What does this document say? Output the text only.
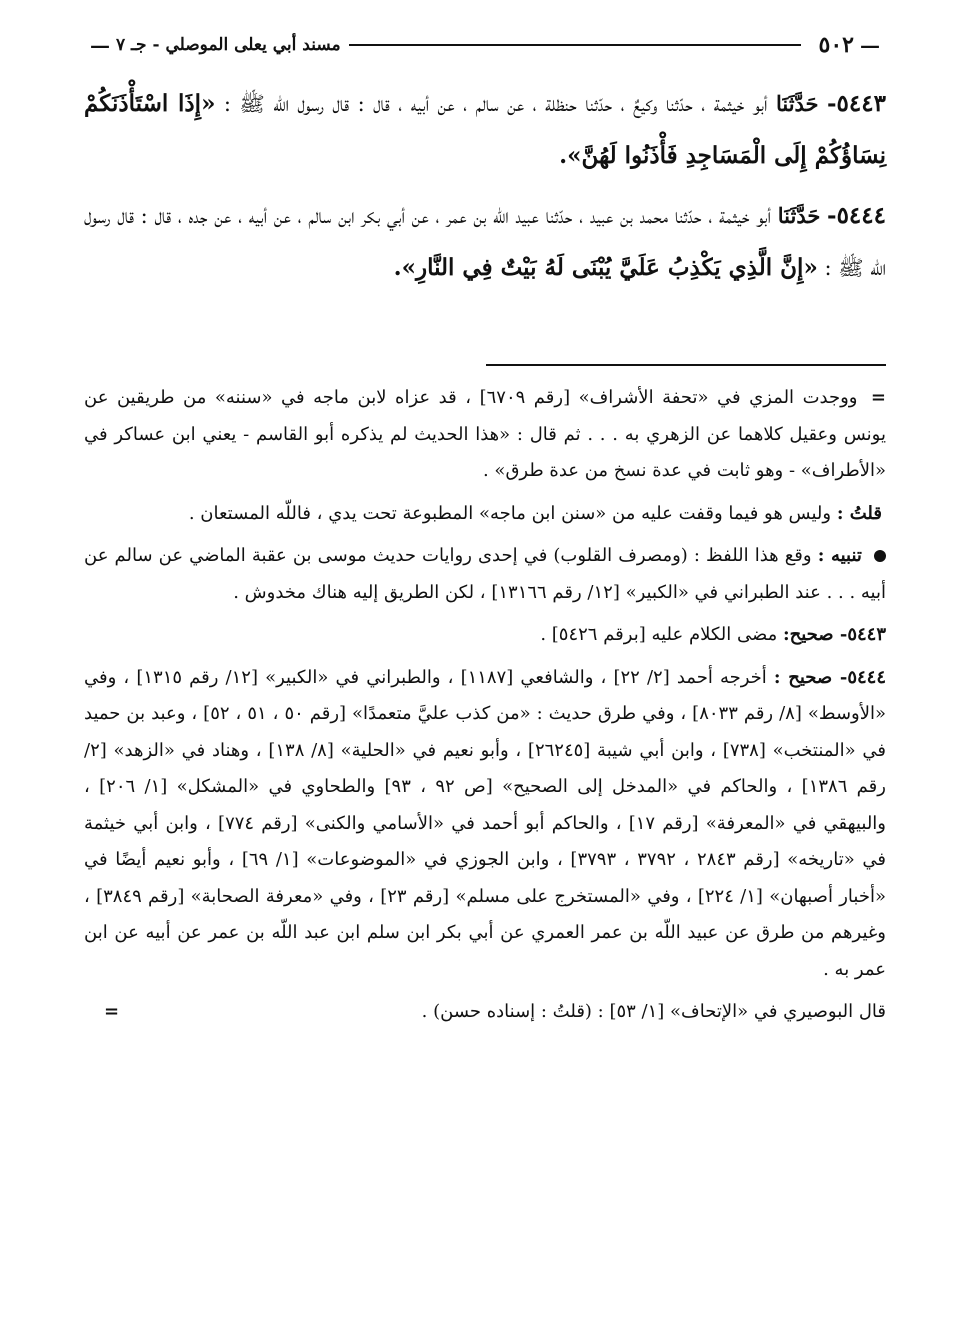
—
٥٠٢
مسند أبي يعلى الموصلي - جـ ٧
—

٥٤٤٣- حَدَّثَنَا أبو خيثمة ، حدّثنا وكيعٌ ، حدّثنا حنظلة ، عن سالم ، عن أبيه ، قال : قال رسول اللّه ﷺ : «إِذَا اسْتَأْذَنَكُمْ نِسَاؤُكُمْ إِلَى الْمَسَاجِدِ فَأْذَنُوا لَهُنَّ».

٥٤٤٤- حَدَّثَنَا أبو خيثمة ، حدّثنا محمد بن عبيد ، حدّثنا عبيد اللّه بن عمر ، عن أبي بكر ابن سالم ، عن أبيه ، عن جده ، قال : قال رسول اللّه ﷺ : «إِنَّ الَّذِي يَكْذِبُ عَلَيَّ يُبْنَى لَهُ بَيْتٌ فِي النَّارِ».

= ووجدت المزي في «تحفة الأشراف» [رقم ٦٧٠٩] ، قد عزاه لابن ماجه في «سننه» من طريقين عن يونس وعقيل كلاهما عن الزهري به . . . ثم قال : «هذا الحديث لم يذكره أبو القاسم - يعني ابن عساكر في «الأطراف» - وهو ثابت في عدة نسخ من عدة طرق» .

قلتُ : وليس هو فيما وقفت عليه من «سنن ابن ماجه» المطبوعة تحت يدي ، فاللّه المستعان .

تنبيه : وقع هذا اللفظ : (ومصرف القلوب) في إحدى روايات حديث موسى بن عقبة الماضي عن سالم عن أبيه . . . عند الطبراني في «الكبير» [١٢/ رقم ١٣١٦٦] ، لكن الطريق إليه هناك مخدوش .

٥٤٤٣- صحيح: مضى الكلام عليه [برقم ٥٤٢٦] .

٥٤٤٤- صحيح : أخرجه أحمد [٢/ ٢٢] ، والشافعي [١١٨٧] ، والطبراني في «الكبير» [١٢/ رقم ١٣١٥] ، وفي «الأوسط» [٨/ رقم ٨٠٣٣] ، وفي طرق حديث : «من كذب عليَّ متعمدًا» [رقم ٥٠ ، ٥١ ، ٥٢] ، وعبد بن حميد في «المنتخب» [٧٣٨] ، وابن أبي شيبة [٢٦٢٤٥] ، وأبو نعيم في «الحلية» [٨/ ١٣٨] ، وهناد في «الزهد» [٢/ رقم ١٣٨٦] ، والحاكم في «المدخل إلى الصحيح» [ص ٩٢ ، ٩٣] والطحاوي في «المشكل» [١/ ٢٠٦] ، والبيهقي في «المعرفة» [رقم ١٧] ، والحاكم أبو أحمد في «الأسامي والكنى» [رقم ٧٧٤] ، وابن أبي خيثمة في «تاريخه» [رقم ٢٨٤٣ ، ٣٧٩٢ ، ٣٧٩٣] ، وابن الجوزي في «الموضوعات» [١/ ٦٩] ، وأبو نعيم أيضًا في «أخبار أصبهان» [١/ ٢٢٤] ، وفي «المستخرج على مسلم» [رقم ٢٣] ، وفي «معرفة الصحابة» [رقم ٣٨٤٩] ، وغيرهم من طرق عن عبيد اللّه بن عمر العمري عن أبي بكر ابن سلم ابن عبد اللّه بن عمر عن أبيه عن ابن عمر به .

قال البوصيري في «الإتحاف» [١/ ٥٣] : (قلتُ : إسناده حسن) .
=
